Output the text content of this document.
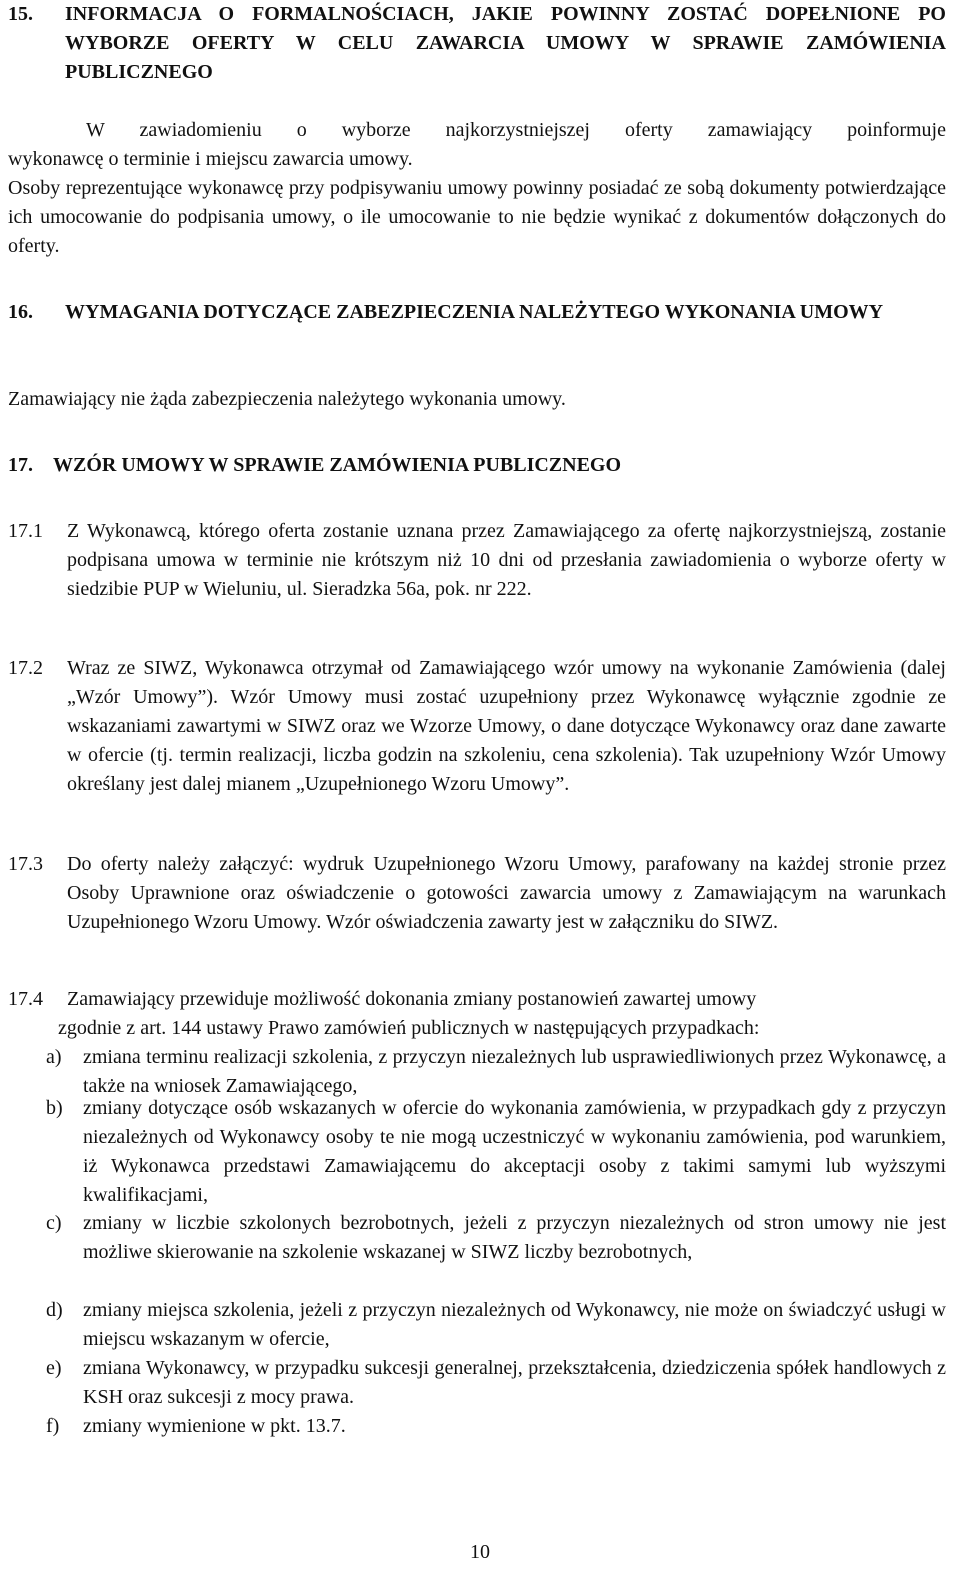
15.	INFORMACJA O FORMALNOŚCIACH, JAKIE POWINNY ZOSTAĆ DOPEŁNIONE PO WYBORZE OFERTY W CELU ZAWARCIA UMOWY W SPRAWIE ZAMÓWIENIA PUBLICZNEGO
W zawiadomieniu o wyborze najkorzystniejszej oferty zamawiający poinformuje
wykonawcę o terminie i miejscu zawarcia umowy.
Osoby reprezentujące wykonawcę przy podpisywaniu umowy powinny posiadać ze sobą dokumenty potwierdzające ich umocowanie do podpisania umowy, o ile umocowanie to nie będzie wynikać z dokumentów dołączonych do oferty.
16.	WYMAGANIA DOTYCZĄCE ZABEZPIECZENIA NALEŻYTEGO WYKONANIA UMOWY
Zamawiający nie żąda zabezpieczenia należytego wykonania umowy.
17.	WZÓR UMOWY W SPRAWIE ZAMÓWIENIA PUBLICZNEGO
17.1	Z Wykonawcą, którego oferta zostanie uznana przez Zamawiającego za ofertę najkorzystniejszą, zostanie podpisana umowa w terminie nie krótszym niż 10 dni od przesłania zawiadomienia o wyborze oferty w siedzibie PUP w Wieluniu, ul. Sieradzka 56a, pok. nr 222.
17.2	Wraz ze SIWZ, Wykonawca otrzymał od Zamawiającego wzór umowy na wykonanie Zamówienia (dalej „Wzór Umowy”). Wzór Umowy musi zostać uzupełniony przez Wykonawcę wyłącznie zgodnie ze wskazaniami zawartymi w SIWZ oraz we Wzorze Umowy, o dane dotyczące Wykonawcy oraz dane zawarte w ofercie (tj. termin realizacji, liczba godzin na szkoleniu, cena szkolenia). Tak uzupełniony Wzór Umowy określany jest dalej mianem „Uzupełnionego Wzoru Umowy”.
17.3	Do oferty należy załączyć: wydruk Uzupełnionego Wzoru Umowy, parafowany na każdej stronie przez Osoby Uprawnione oraz oświadczenie o gotowości zawarcia umowy z Zamawiającym na warunkach Uzupełnionego Wzoru Umowy. Wzór oświadczenia zawarty jest w załączniku do SIWZ.
17.4	Zamawiający przewiduje możliwość dokonania zmiany postanowień zawartej umowy
zgodnie z art. 144 ustawy Prawo zamówień publicznych w następujących przypadkach:
a)	zmiana terminu realizacji szkolenia, z przyczyn niezależnych lub usprawiedliwionych przez Wykonawcę, a także na wniosek Zamawiającego,
b)	zmiany dotyczące osób wskazanych w ofercie do wykonania zamówienia, w przypadkach gdy z przyczyn niezależnych od Wykonawcy osoby te nie mogą uczestniczyć w wykonaniu zamówienia, pod warunkiem, iż Wykonawca przedstawi Zamawiającemu do akceptacji osoby z takimi samymi lub wyższymi kwalifikacjami,
c)	zmiany w liczbie szkolonych bezrobotnych, jeżeli z przyczyn niezależnych od stron umowy nie jest możliwe skierowanie na szkolenie wskazanej w SIWZ liczby bezrobotnych,
d)	zmiany miejsca szkolenia, jeżeli z przyczyn niezależnych od Wykonawcy, nie może on świadczyć usługi w miejscu wskazanym w ofercie,
e)	zmiana Wykonawcy, w przypadku sukcesji generalnej, przekształcenia, dziedziczenia spółek handlowych z KSH oraz sukcesji z mocy prawa.
f)	zmiany wymienione w pkt. 13.7.
10
